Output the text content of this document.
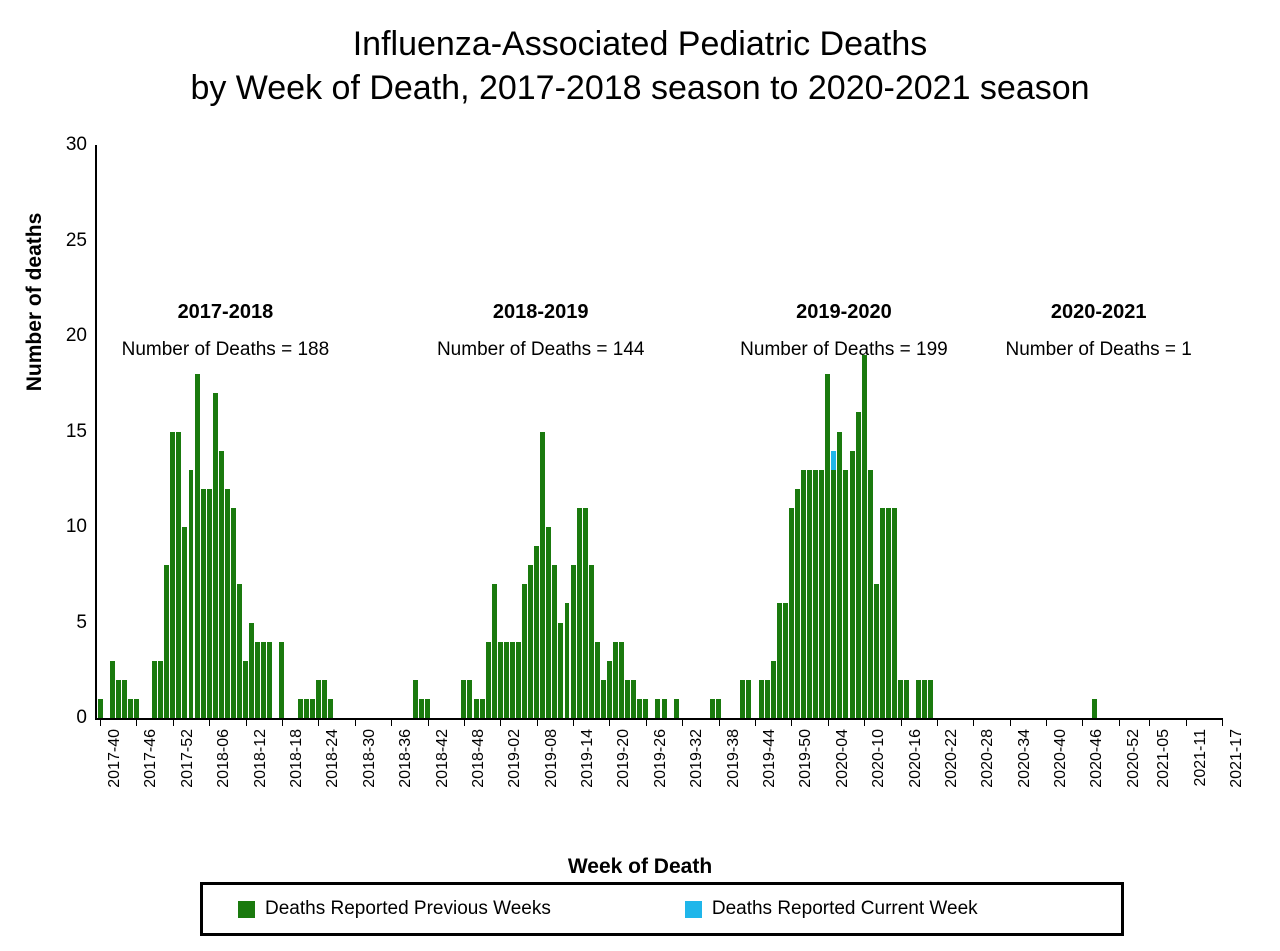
Influenza-Associated Pediatric Deaths
by Week of Death, 2017-2018 season to 2020-2021 season
Number of deaths
0
5
10
15
20
25
30
2017-2018
Number of Deaths = 188
2018-2019
Number of Deaths = 144
2019-2020
Number of Deaths = 199
2020-2021
Number of Deaths = 1
2017-40 2017-46 2017-52 2018-06 2018-12 2018-18 2018-24 2018-30 2018-36 2018-42 2018-48 2019-02 2019-08 2019-14 2019-20 2019-26 2019-32 2019-38 2019-44 2019-50 2020-04 2020-10 2020-16 2020-22 2020-28 2020-34 2020-40 2020-46 2020-52 2021-05 2021-11 2021-17
Week of Death
Deaths Reported Previous Weeks	Deaths Reported Current Week
